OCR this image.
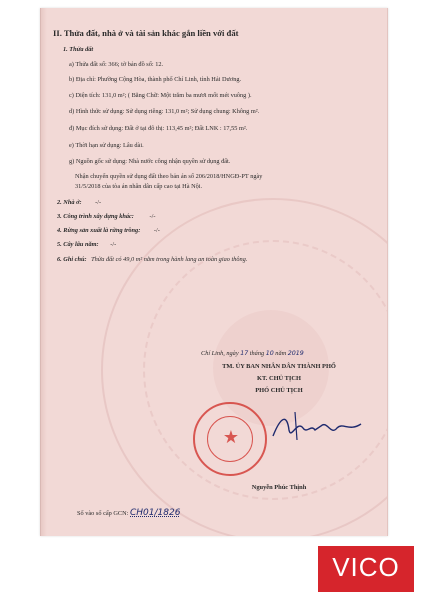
II. Thửa đất, nhà ở và tài sản khác gắn liền với đất
1. Thửa đất
a) Thửa đất số: 366; tờ bản đồ số: 12.
b) Địa chỉ: Phường Cộng Hòa, thành phố Chí Linh, tỉnh Hải Dương.
c) Diện tích: 131,0 m²; ( Bằng Chữ: Một trăm ba mươi mốt mét vuông ).
d) Hình thức sử dụng: Sử dụng riêng: 131,0 m²; Sử dụng chung: Không m².
đ) Mục đích sử dụng: Đất ở tại đô thị: 113,45 m²; Đất LNK : 17,55 m².
e) Thời hạn sử dụng: Lâu dài.
g) Nguồn gốc sử dụng: Nhà nước công nhận quyền sử dụng đất.
Nhận chuyển quyền sử dụng đất theo bản án số 206/2018/HNGĐ-PT ngày
31/5/2018 của tòa án nhân dân cấp cao tại Hà Nội.
2. Nhà ở: -/-
3. Công trình xây dựng khác: -/-
4. Rừng sản xuất là rừng trồng: -/-
5. Cây lâu năm: -/-
6. Ghi chú: Thửa đất có 49,0 m² nằm trong hành lang an toàn giao thông.
Chí Linh, ngày 17 tháng 10 năm 2019
TM. ỦY BAN NHÂN DÂN THÀNH PHỐ
KT. CHỦ TỊCH
PHÓ CHỦ TỊCH
★
Nguyễn Phúc Thịnh
Số vào sổ cấp GCN: CH01/1826
VICO
